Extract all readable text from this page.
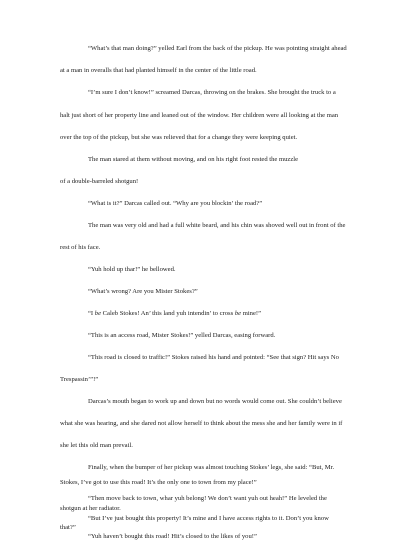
“What’s that man doing?” yelled Earl from the back of the pickup. He was pointing straight ahead

at a man in overalls that had planted himself in the center of the little road.

“I’m sure I don’t know!” screamed Darcas, throwing on the brakes. She brought the truck to a

halt just short of her property line and leaned out of the window. Her children were all looking at the man

over the top of the pickup, but she was relieved that for a change they were keeping quiet.

The man stared at them without moving, and on his right foot rested the muzzle

of a double-barreled shotgun!

“What is it?” Darcas called out. “Why are you blockin’ the road?”

The man was very old and had a full white beard, and his chin was shoved well out in front of the

rest of his face.

“Yuh hold up thar!” he bellowed.

“What’s wrong? Are you Mister Stokes?”

“I be Caleb Stokes! An’ this land yuh intendin’ to cross be mine!”

“This is an access road, Mister Stokes!” yelled Darcas, easing forward.

“This road is closed to traffic!” Stokes raised his hand and pointed: “See that sign? Hit says No

Trespassin’”!”

Darcas’s mouth began to work up and down but no words would come out. She couldn’t believe

what she was hearing, and she dared not allow herself to think about the mess she and her family were in if

she let this old man prevail.

Finally, when the bumper of her pickup was almost touching Stokes’ legs, she said: “But, Mr.

Stokes, I’ve got to use this road! It’s the only one to town from my place!”

“Then move back to town, whar yuh belong! We don’t want yuh out heah!” He leveled the

shotgun at her radiator.

“But I’ve just bought this property! It’s mine and I have access rights to it. Don’t you know

that?”

“Yuh haven’t bought this road! Hit’s closed to the likes of you!”
